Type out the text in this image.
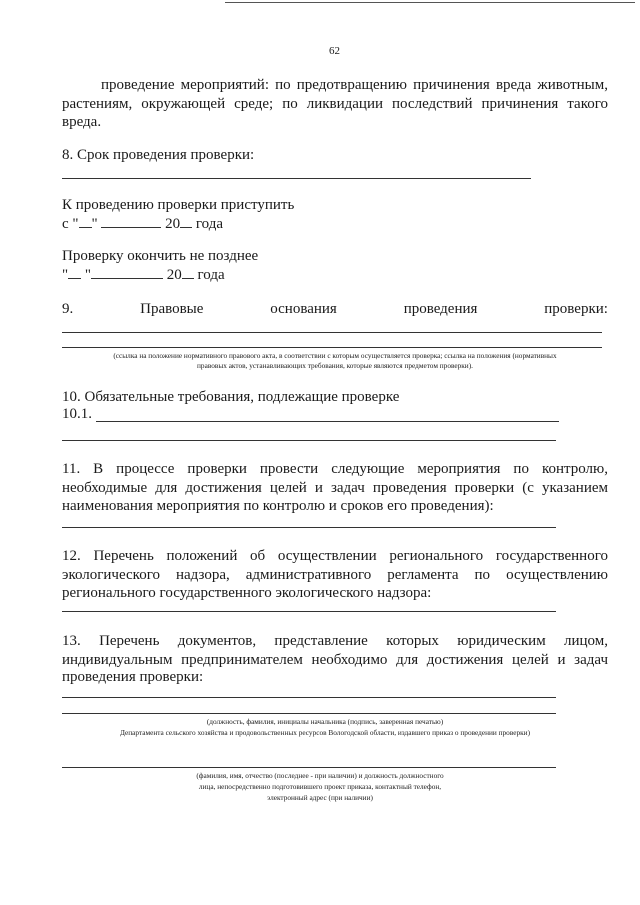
62
проведение мероприятий: по предотвращению причинения вреда животным,
растениям, окружающей среде; по ликвидации последствий причинения такого
вреда.
8. Срок проведения проверки:
К проведению проверки приступить
с " "	20 года
Проверку окончить не позднее
" "	20 года
9.	Правовые	основания	проведения	проверки:
(ссылка на положение нормативного правового акта, в соответствии с которым осуществляется проверка; ссылка на положения (нормативных
правовых актов, устанавливающих требования, которые являются предметом проверки).
10. Обязательные требования, подлежащие проверке
10.1.
11. В процессе проверки провести следующие мероприятия по контролю,
необходимые для достижения целей и задач проведения проверки (с указанием
наименования мероприятия по контролю и сроков его проведения):
12. Перечень положений об осуществлении регионального государственного
экологического надзора, административного регламента по осуществлению
регионального государственного экологического надзора:
13. Перечень документов, представление которых юридическим лицом,
индивидуальным предпринимателем необходимо для достижения целей и задач
проведения проверки:
(должность, фамилия, инициалы начальника (подпись, заверенная печатью)
Департамента сельского хозяйства и продовольственных ресурсов Вологодской области, издавшего приказ о проведении проверки)
(фамилия, имя, отчество (последнее - при наличии) и должность должностного
лица, непосредственно подготовившего проект приказа, контактный телефон,
электронный адрес (при наличии)
